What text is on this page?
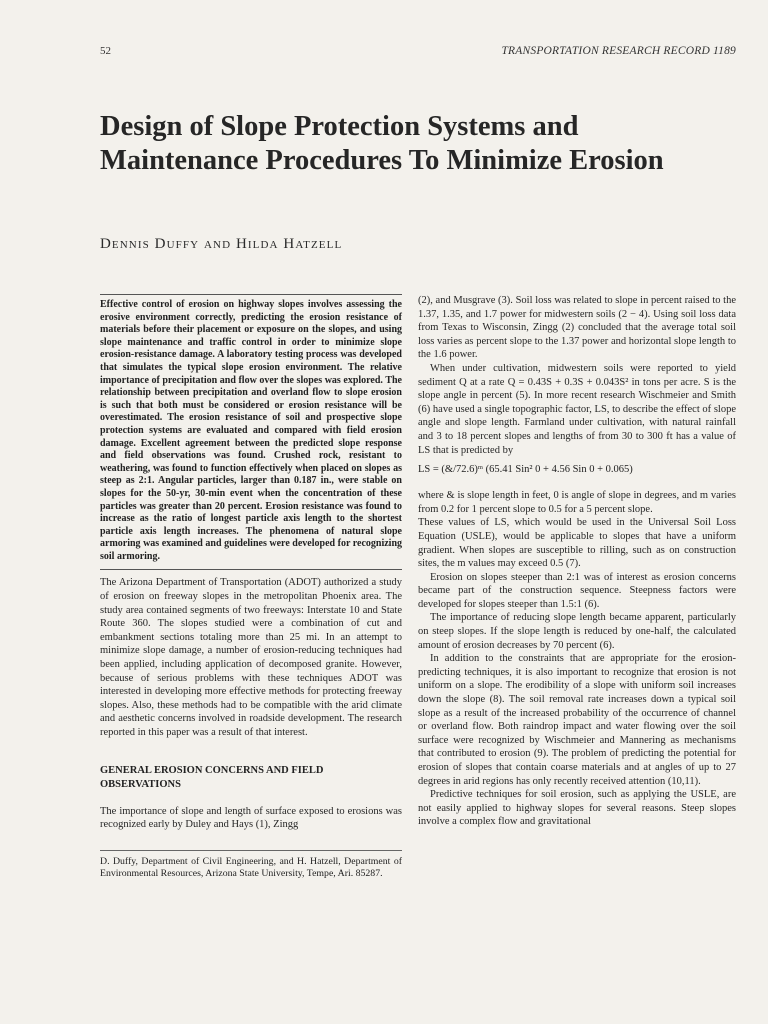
52	TRANSPORTATION RESEARCH RECORD 1189
Design of Slope Protection Systems and Maintenance Procedures To Minimize Erosion
Dennis Duffy and Hilda Hatzell

Effective control of erosion on highway slopes involves assessing the erosive environment correctly, predicting the erosion resistance of materials before their placement or exposure on the slopes, and using slope maintenance and traffic control in order to minimize slope erosion-resistance damage. A laboratory testing process was developed that simulates the typical slope erosion environment. The relative importance of precipitation and flow over the slopes was explored. The relationship between precipitation and overland flow to slope erosion is such that both must be considered or erosion resistance will be overestimated. The erosion resistance of soil and prospective slope protection systems are evaluated and compared with field erosion damage. Excellent agreement between the predicted slope response and field observations was found. Crushed rock, resistant to weathering, was found to function effectively when placed on slopes as steep as 2:1. Angular particles, larger than 0.187 in., were stable on slopes for the 50-yr, 30-min event when the concentration of these particles was greater than 20 percent. Erosion resistance was found to increase as the ratio of longest particle axis length to the shortest particle axis length increases. The phenomena of natural slope armoring was examined and guidelines were developed for recognizing soil armoring.

The Arizona Department of Transportation (ADOT) authorized a study of erosion on freeway slopes in the metropolitan Phoenix area. The study area contained segments of two freeways: Interstate 10 and State Route 360. The slopes studied were a combination of cut and embankment sections totaling more than 25 mi. In an attempt to minimize slope damage, a number of erosion-reducing techniques had been applied, including application of decomposed granite. However, because of serious problems with these techniques ADOT was interested in developing more effective methods for protecting freeway slopes. Also, these methods had to be compatible with the arid climate and aesthetic concerns involved in roadside development. The research reported in this paper was a result of that interest.

GENERAL EROSION CONCERNS AND FIELD OBSERVATIONS

The importance of slope and length of surface exposed to erosions was recognized early by Duley and Hays (1), Zingg

D. Duffy, Department of Civil Engineering, and H. Hatzell, Department of Environmental Resources, Arizona State University, Tempe, Ari. 85287.

(2), and Musgrave (3). Soil loss was related to slope in percent raised to the 1.37, 1.35, and 1.7 power for midwestern soils (2 − 4). Using soil loss data from Texas to Wisconsin, Zingg (2) concluded that the average total soil loss varies as percent slope to the 1.37 power and horizontal slope length to the 1.6 power.

When under cultivation, midwestern soils were reported to yield sediment Q at a rate Q = 0.43S + 0.3S + 0.043S² in tons per acre. S is the slope angle in percent (5). In more recent research Wischmeier and Smith (6) have used a single topographic factor, LS, to describe the effect of slope angle and slope length. Farmland under cultivation, with natural rainfall and 3 to 18 percent slopes and lengths of from 30 to 300 ft has a value of LS that is predicted by

LS = (&/72.6)ᵐ (65.41 Sin² 0 + 4.56 Sin 0 + 0.065)

where & is slope length in feet, 0 is angle of slope in degrees, and m varies from 0.2 for 1 percent slope to 0.5 for a 5 percent slope.

These values of LS, which would be used in the Universal Soil Loss Equation (USLE), would be applicable to slopes that have a uniform gradient. When slopes are susceptible to rilling, such as on construction sites, the m values may exceed 0.5 (7).

Erosion on slopes steeper than 2:1 was of interest as erosion concerns became part of the construction sequence. Steepness factors were developed for slopes steeper than 1.5:1 (6).

The importance of reducing slope length became apparent, particularly on steep slopes. If the slope length is reduced by one-half, the calculated amount of erosion decreases by 70 percent (6).

In addition to the constraints that are appropriate for the erosion-predicting techniques, it is also important to recognize that erosion is not uniform on a slope. The erodibility of a slope with uniform soil increases down the slope (8). The soil removal rate increases down a typical soil slope as a result of the increased probability of the occurrence of channel or overland flow. Both raindrop impact and water flowing over the soil surface were recognized by Wischmeier and Mannering as mechanisms that contributed to erosion (9). The problem of predicting the potential for erosion of slopes that contain coarse materials and at angles of up to 27 degrees in arid regions has only recently received attention (10,11).

Predictive techniques for soil erosion, such as applying the USLE, are not easily applied to highway slopes for several reasons. Steep slopes involve a complex flow and gravitational
